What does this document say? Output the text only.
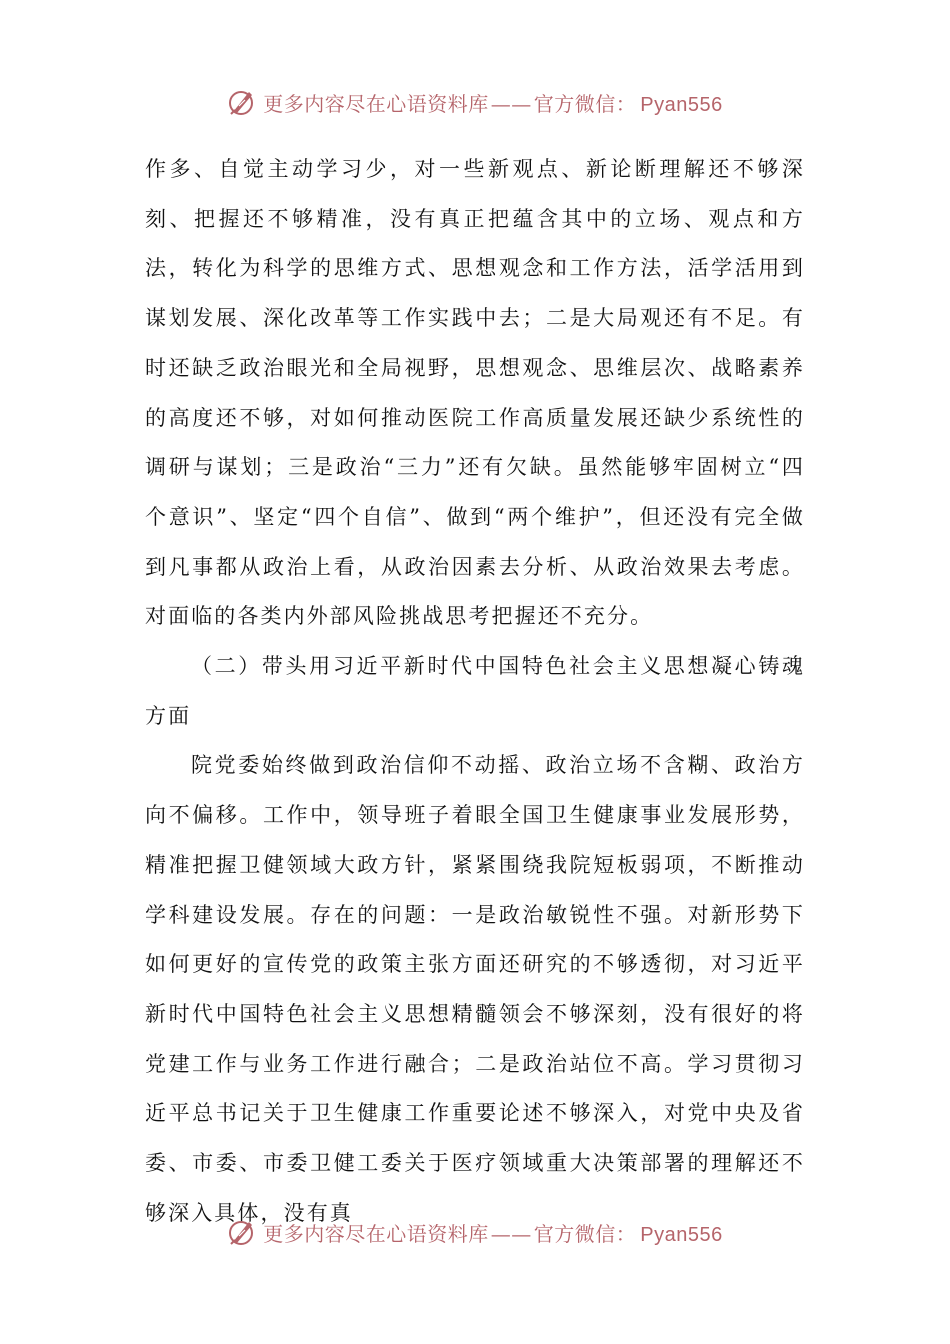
更多内容尽在心语资料库 —— 官方微信： Pyan556

作多、自觉主动学习少，对一些新观点、新论断理解还不够深刻、把握还不够精准，没有真正把蕴含其中的立场、观点和方法，转化为科学的思维方式、思想观念和工作方法，活学活用到谋划发展、深化改革等工作实践中去；二是大局观还有不足。有时还缺乏政治眼光和全局视野，思想观念、思维层次、战略素养的高度还不够，对如何推动医院工作高质量发展还缺少系统性的调研与谋划；三是政治“三力”还有欠缺。虽然能够牢固树立“四个意识”、坚定“四个自信”、做到“两个维护”，但还没有完全做到凡事都从政治上看，从政治因素去分析、从政治效果去考虑。对面临的各类内外部风险挑战思考把握还不充分。

（二）带头用习近平新时代中国特色社会主义思想凝心铸魂方面

院党委始终做到政治信仰不动摇、政治立场不含糊、政治方向不偏移。工作中，领导班子着眼全国卫生健康事业发展形势，精准把握卫健领域大政方针，紧紧围绕我院短板弱项，不断推动学科建设发展。存在的问题：一是政治敏锐性不强。对新形势下如何更好的宣传党的政策主张方面还研究的不够透彻，对习近平新时代中国特色社会主义思想精髓领会不够深刻，没有很好的将党建工作与业务工作进行融合；二是政治站位不高。学习贯彻习近平总书记关于卫生健康工作重要论述不够深入，对党中央及省委、市委、市委卫健工委关于医疗领域重大决策部署的理解还不够深入具体，没有真

更多内容尽在心语资料库 —— 官方微信： Pyan556
